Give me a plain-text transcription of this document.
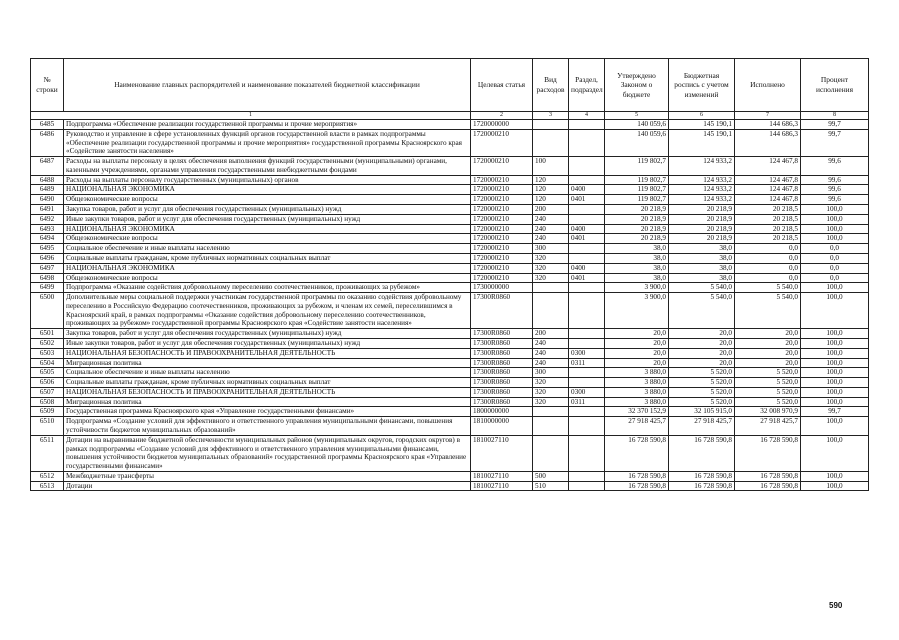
№ строки	Наименование главных распорядителей и наименование показателей бюджетной классификации	Целевая статья	Вид расходов	Раздел, подраздел	Утверждено Законом о бюджете	Бюджетная роспись с учетом изменений	Исполнено	Процент исполнения
1		2	3	4	5	6	7	8
6485	Подпрограмма «Обеспечение реализации государственной программы и прочие мероприятия»	1720000000			140 059,6	145 190,1	144 686,3	99,7
6486	Руководство и управление в сфере установленных функций органов государственной власти в рамках подпрограммы «Обеспечение реализации государственной программы и прочие мероприятия» государственной программы Красноярского края «Содействие занятости населения»	1720000210			140 059,6	145 190,1	144 686,3	99,7
6487	Расходы на выплаты персоналу в целях обеспечения выполнения функций государственными (муниципальными) органами, казенными учреждениями, органами управления государственными внебюджетными фондами	1720000210	100		119 802,7	124 933,2	124 467,8	99,6
6488	Расходы на выплаты персоналу государственных (муниципальных) органов	1720000210	120		119 802,7	124 933,2	124 467,8	99,6
6489	НАЦИОНАЛЬНАЯ ЭКОНОМИКА	1720000210	120	0400	119 802,7	124 933,2	124 467,8	99,6
6490	Общеэкономические вопросы	1720000210	120	0401	119 802,7	124 933,2	124 467,8	99,6
6491	Закупка товаров, работ и услуг для обеспечения государственных (муниципальных) нужд	1720000210	200		20 218,9	20 218,9	20 218,5	100,0
6492	Иные закупки товаров, работ и услуг для обеспечения государственных (муниципальных) нужд	1720000210	240		20 218,9	20 218,9	20 218,5	100,0
6493	НАЦИОНАЛЬНАЯ ЭКОНОМИКА	1720000210	240	0400	20 218,9	20 218,9	20 218,5	100,0
6494	Общеэкономические вопросы	1720000210	240	0401	20 218,9	20 218,9	20 218,5	100,0
6495	Социальное обеспечение и иные выплаты населению	1720000210	300		38,0	38,0	0,0	0,0
6496	Социальные выплаты гражданам, кроме публичных нормативных социальных выплат	1720000210	320		38,0	38,0	0,0	0,0
6497	НАЦИОНАЛЬНАЯ ЭКОНОМИКА	1720000210	320	0400	38,0	38,0	0,0	0,0
6498	Общеэкономические вопросы	1720000210	320	0401	38,0	38,0	0,0	0,0
6499	Подпрограмма «Оказание содействия добровольному переселению соотечественников, проживающих за рубежом»	1730000000			3 900,0	5 540,0	5 540,0	100,0
6500	Дополнительные меры социальной поддержки участникам государственной программы по оказанию содействия добровольному переселению в Российскую Федерацию соотечественников, проживающих за рубежом, и членам их семей, переселившимся в Красноярский край, в рамках подпрограммы «Оказание содействия добровольному переселению соотечественников, проживающих за рубежом» государственной программы Красноярского края «Содействие занятости населения»	17300R0860			3 900,0	5 540,0	5 540,0	100,0
6501	Закупка товаров, работ и услуг для обеспечения государственных (муниципальных) нужд	17300R0860	200		20,0	20,0	20,0	100,0
6502	Иные закупки товаров, работ и услуг для обеспечения государственных (муниципальных) нужд	17300R0860	240		20,0	20,0	20,0	100,0
6503	НАЦИОНАЛЬНАЯ БЕЗОПАСНОСТЬ И ПРАВООХРАНИТЕЛЬНАЯ ДЕЯТЕЛЬНОСТЬ	17300R0860	240	0300	20,0	20,0	20,0	100,0
6504	Миграционная политика	17300R0860	240	0311	20,0	20,0	20,0	100,0
6505	Социальное обеспечение и иные выплаты населению	17300R0860	300		3 880,0	5 520,0	5 520,0	100,0
6506	Социальные выплаты гражданам, кроме публичных нормативных социальных выплат	17300R0860	320		3 880,0	5 520,0	5 520,0	100,0
6507	НАЦИОНАЛЬНАЯ БЕЗОПАСНОСТЬ И ПРАВООХРАНИТЕЛЬНАЯ ДЕЯТЕЛЬНОСТЬ	17300R0860	320	0300	3 880,0	5 520,0	5 520,0	100,0
6508	Миграционная политика	17300R0860	320	0311	3 880,0	5 520,0	5 520,0	100,0
6509	Государственная программа Красноярского края «Управление государственными финансами»	1800000000			32 370 152,9	32 105 915,0	32 008 970,9	99,7
6510	Подпрограмма «Создание условий для эффективного и ответственного управления муниципальными финансами, повышения устойчивости бюджетов муниципальных образований»	1810000000			27 918 425,7	27 918 425,7	27 918 425,7	100,0
6511	Дотации на выравнивание бюджетной обеспеченности муниципальных районов (муниципальных округов, городских округов) в рамках подпрограммы «Создание условий для эффективного и ответственного управления муниципальными финансами, повышения устойчивости бюджетов муниципальных образований» государственной программы Красноярского края «Управление государственными финансами»	1810027110			16 728 590,8	16 728 590,8	16 728 590,8	100,0
6512	Межбюджетные трансферты	1810027110	500		16 728 590,8	16 728 590,8	16 728 590,8	100,0
6513	Дотации	1810027110	510		16 728 590,8	16 728 590,8	16 728 590,8	100,0
590
